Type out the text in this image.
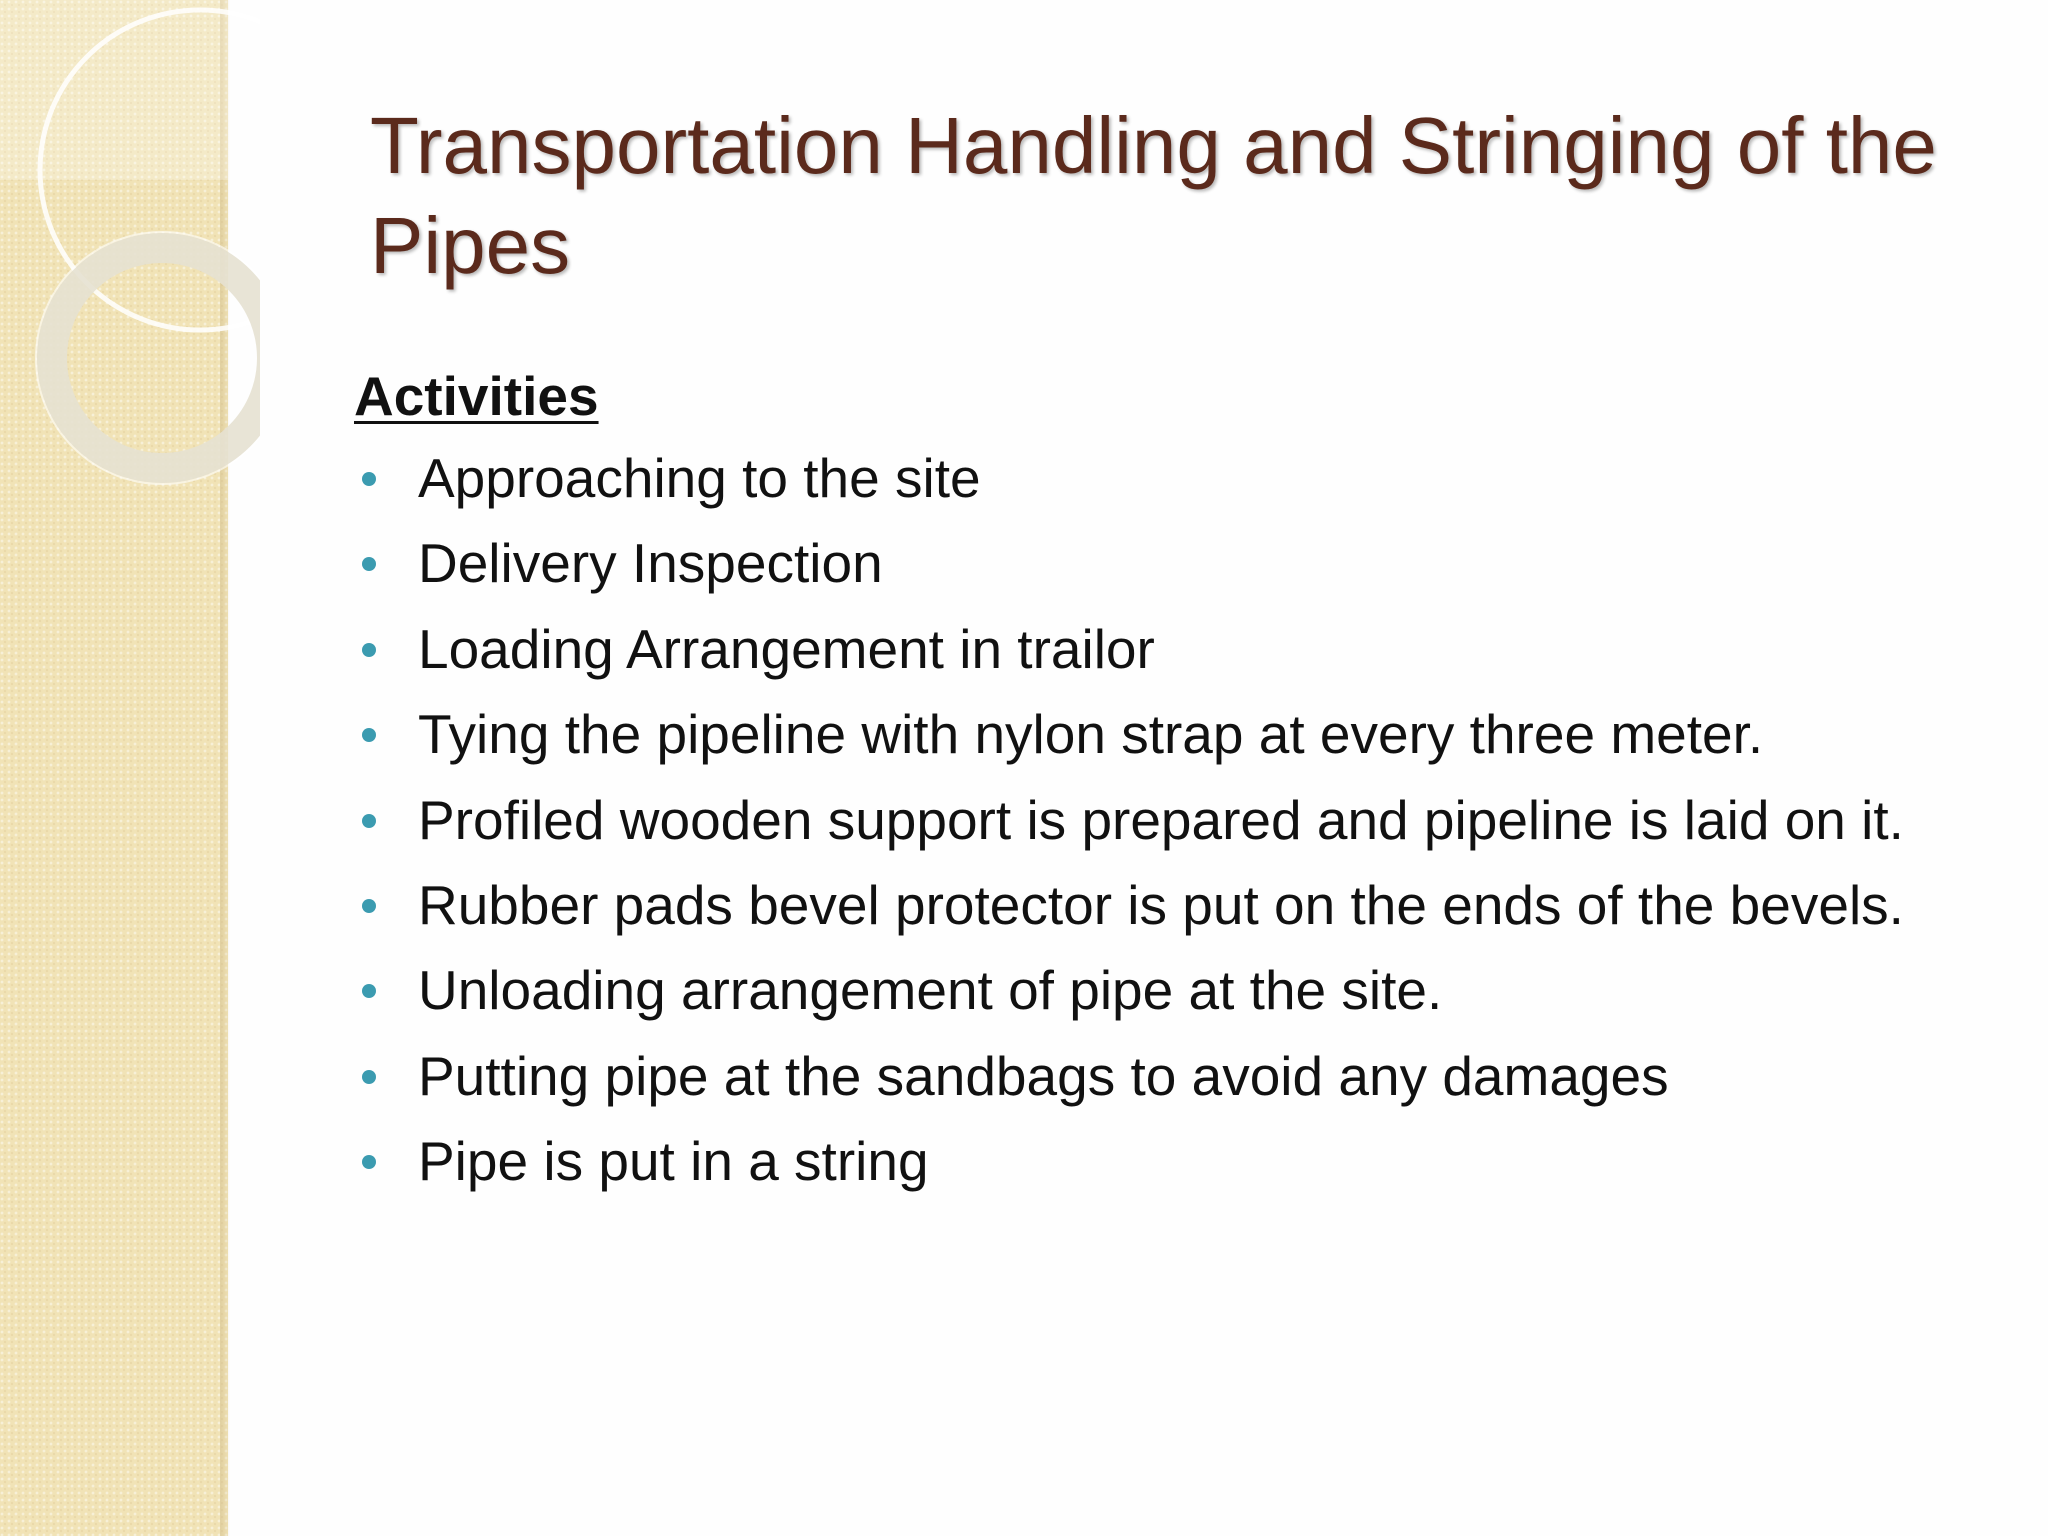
Transportation Handling and Stringing of the Pipes
Activities
Approaching to the site
Delivery Inspection
Loading Arrangement in trailor
Tying the pipeline with nylon strap at every three meter.
Profiled wooden support is prepared and pipeline is laid on it.
Rubber pads bevel protector is put on the ends of the bevels.
Unloading arrangement of pipe at the site.
Putting pipe at the sandbags to avoid any damages
Pipe is put in a string
